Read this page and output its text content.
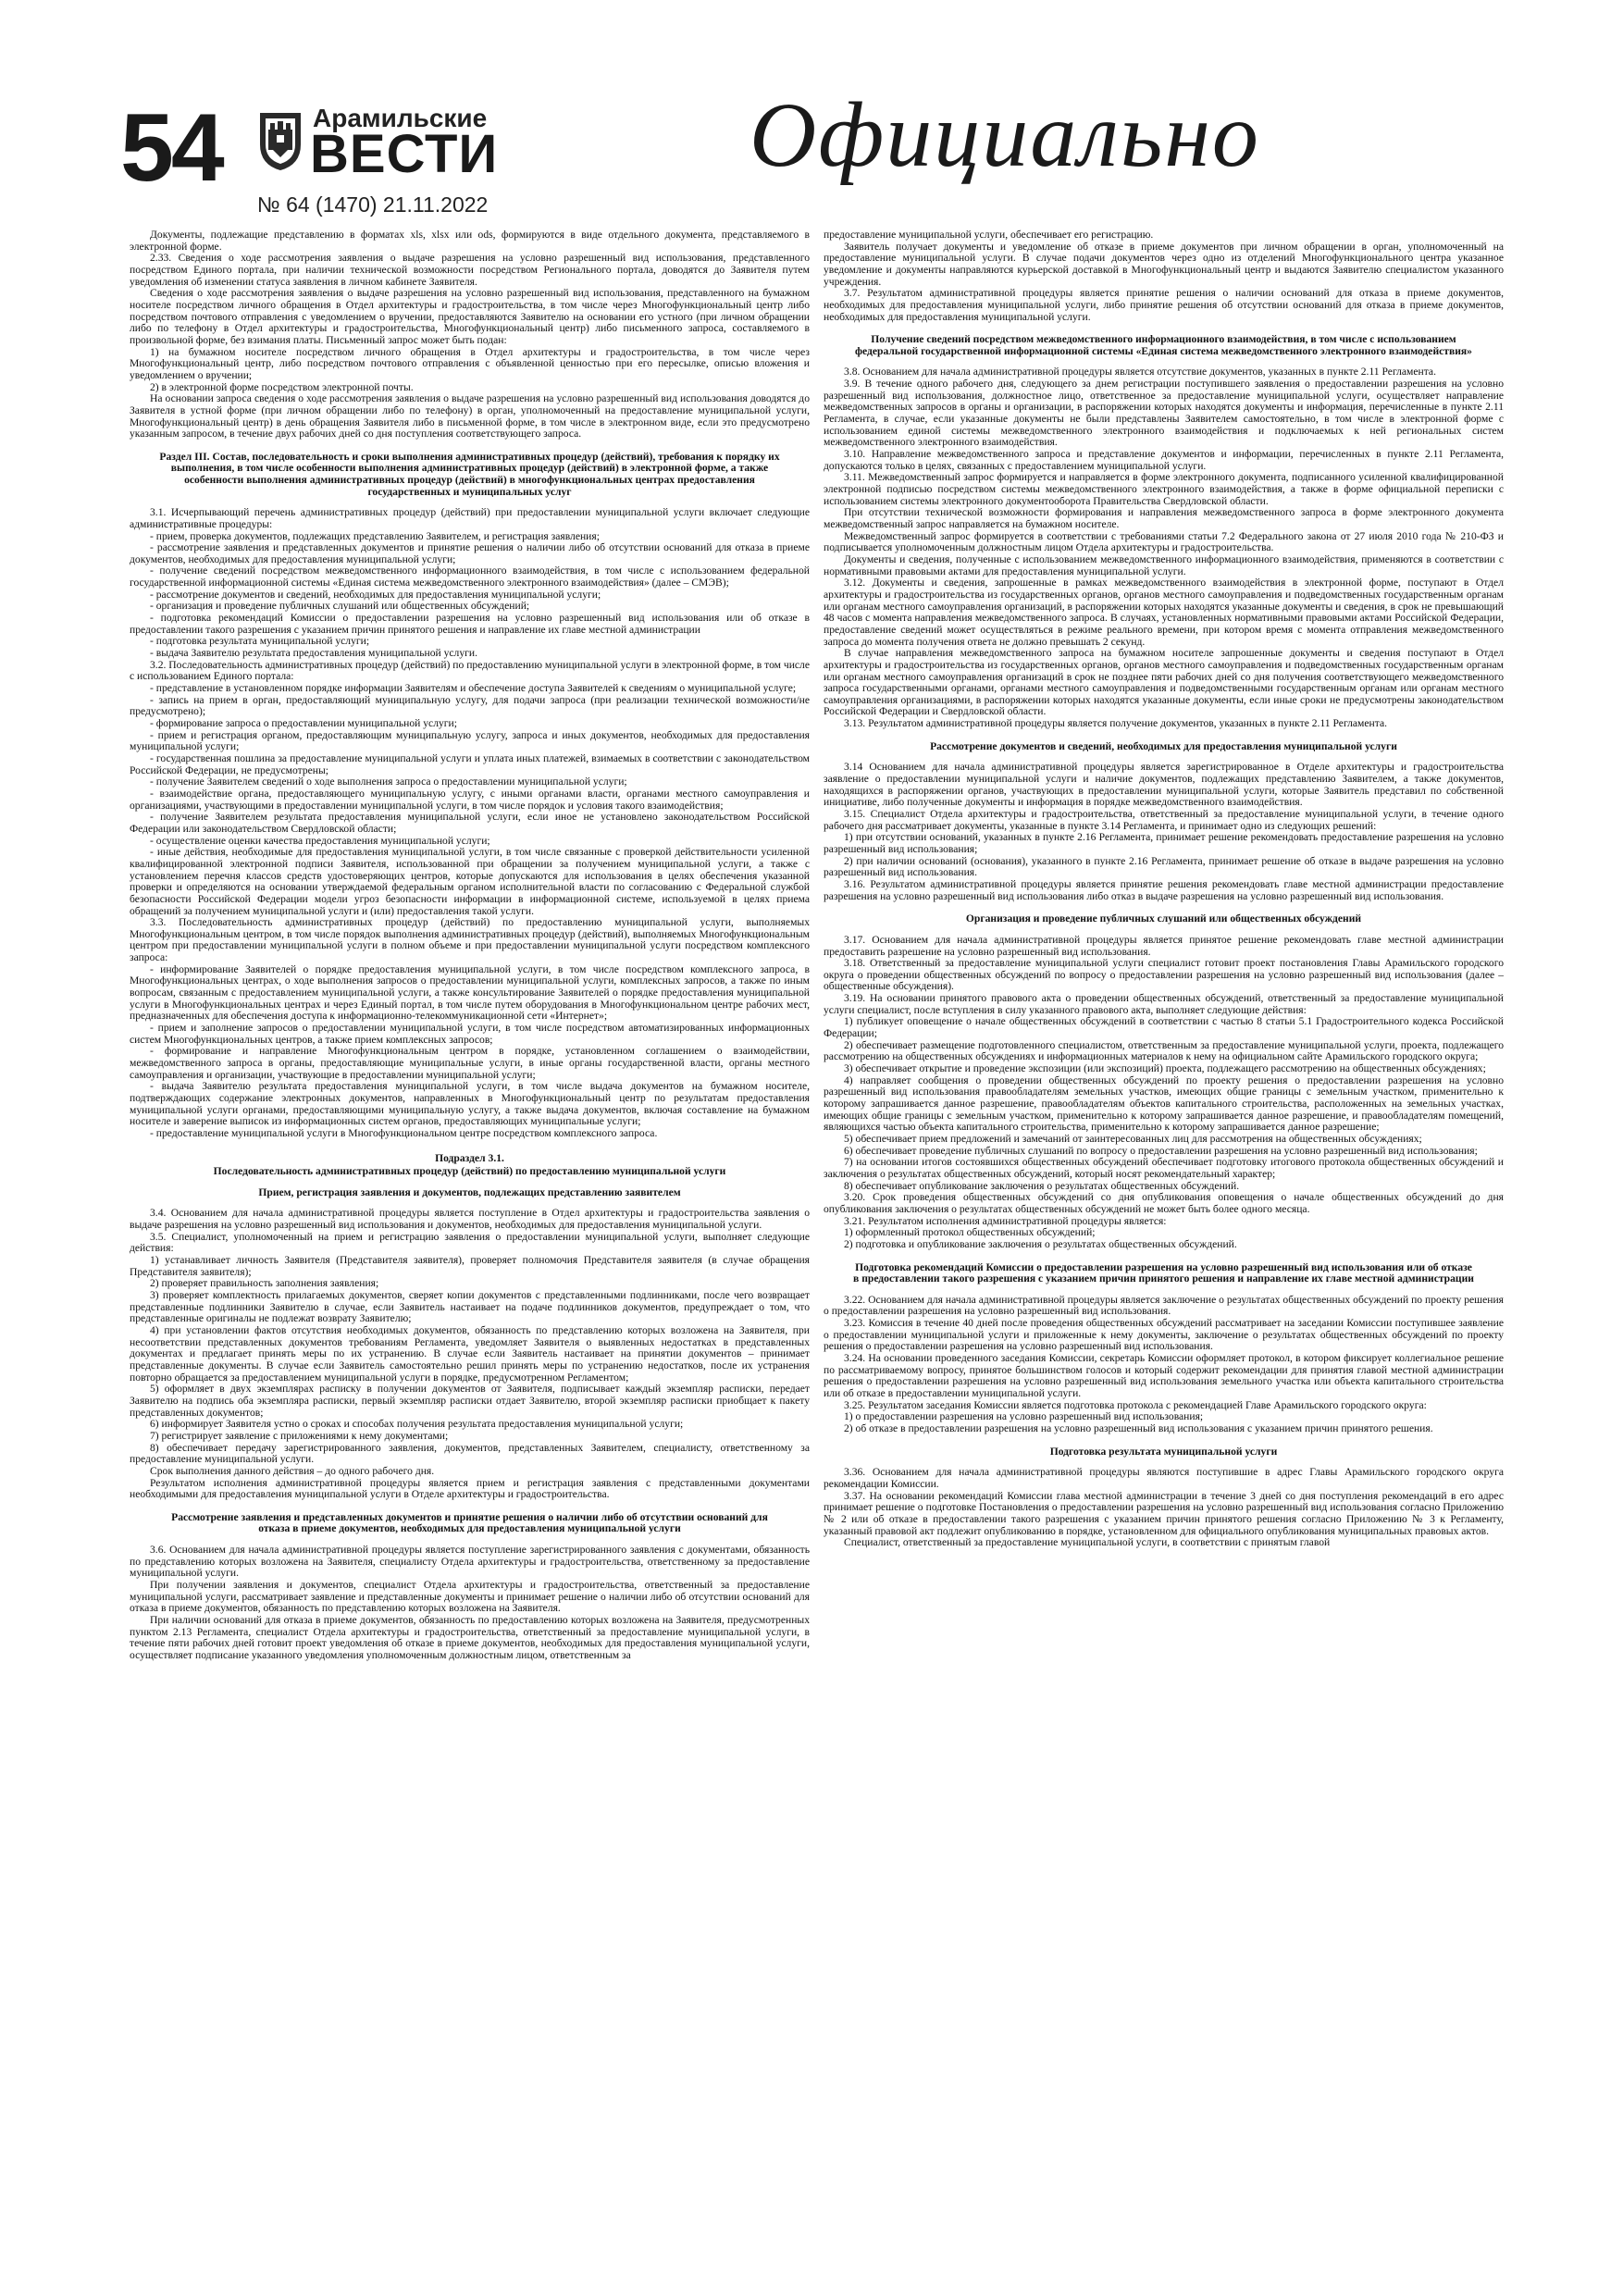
54	Арамильские
ВЕСТИ
№ 64 (1470) 21.11.2022
Официально

Документы, подлежащие представлению в форматах xls, xlsx или ods, формируются в виде отдельного документа, представляемого в электронной форме.

2.33. Сведения о ходе рассмотрения заявления о выдаче разрешения на условно разрешенный вид использования, представленного посредством Единого портала, при наличии технической возможности посредством Регионального портала, доводятся до Заявителя путем уведомления об изменении статуса заявления в личном кабинете Заявителя.

Сведения о ходе рассмотрения заявления о выдаче разрешения на условно разрешенный вид использования, представленного на бумажном носителе посредством личного обращения в Отдел архитектуры и градостроительства, в том числе через Многофункциональный центр либо посредством почтового отправления с уведомлением о вручении, предоставляются Заявителю на основании его устного (при личном обращении либо по телефону в Отдел архитектуры и градостроительства, Многофункциональный центр) либо письменного запроса, составляемого в произвольной форме, без взимания платы. Письменный запрос может быть подан:

1) на бумажном носителе посредством личного обращения в Отдел архитектуры и градостроительства, в том числе через Многофункциональный центр, либо посредством почтового отправления с объявленной ценностью при его пересылке, описью вложения и уведомлением о вручении;

2) в электронной форме посредством электронной почты.

На основании запроса сведения о ходе рассмотрения заявления о выдаче разрешения на условно разрешенный вид использования доводятся до Заявителя в устной форме (при личном обращении либо по телефону) в орган, уполномоченный на предоставление муниципальной услуги, Многофункциональный центр) в день обращения Заявителя либо в письменной форме, в том числе в электронном виде, если это предусмотрено указанным запросом, в течение двух рабочих дней со дня поступления соответствующего запроса.

Раздел III. Состав, последовательность и сроки выполнения административных процедур (действий), требования к порядку их выполнения, в том числе особенности выполнения административных процедур (действий) в электронной форме, а также особенности выполнения административных процедур (действий) в многофункциональных центрах предоставления государственных и муниципальных услуг

3.1. Исчерпывающий перечень административных процедур (действий) при предоставлении муниципальной услуги включает следующие административные процедуры:

- прием, проверка документов, подлежащих представлению Заявителем, и регистрация заявления;

- рассмотрение заявления и представленных документов и принятие решения о наличии либо об отсутствии оснований для отказа в приеме документов, необходимых для предоставления муниципальной услуги;

- получение сведений посредством межведомственного информационного взаимодействия, в том числе с использованием федеральной государственной информационной системы «Единая система межведомственного электронного взаимодействия» (далее – СМЭВ);

- рассмотрение документов и сведений, необходимых для предоставления муниципальной услуги;

- организация и проведение публичных слушаний или общественных обсуждений;

- подготовка рекомендаций Комиссии о предоставлении разрешения на условно разрешенный вид использования или об отказе в предоставлении такого разрешения с указанием причин принятого решения и направление их главе местной администрации

- подготовка результата муниципальной услуги;

- выдача Заявителю результата предоставления муниципальной услуги.

3.2. Последовательность административных процедур (действий) по предоставлению муниципальной услуги в электронной форме, в том числе с использованием Единого портала:

- представление в установленном порядке информации Заявителям и обеспечение доступа Заявителей к сведениям о муниципальной услуге;

- запись на прием в орган, предоставляющий муниципальную услугу, для подачи запроса (при реализации технической возможности/не предусмотрено);

- формирование запроса о предоставлении муниципальной услуги;

- прием и регистрация органом, предоставляющим муниципальную услугу, запроса и иных документов, необходимых для предоставления муниципальной услуги;

- государственная пошлина за предоставление муниципальной услуги и уплата иных платежей, взимаемых в соответствии с законодательством Российской Федерации, не предусмотрены;

- получение Заявителем сведений о ходе выполнения запроса о предоставлении муниципальной услуги;

- взаимодействие органа, предоставляющего муниципальную услугу, с иными органами власти, органами местного самоуправления и организациями, участвующими в предоставлении муниципальной услуги, в том числе порядок и условия такого взаимодействия;

- получение Заявителем результата предоставления муниципальной услуги, если иное не установлено законодательством Российской Федерации или законодательством Свердловской области;

- осуществление оценки качества предоставления муниципальной услуги;

- иные действия, необходимые для предоставления муниципальной услуги, в том числе связанные с проверкой действительности усиленной квалифицированной электронной подписи Заявителя, использованной при обращении за получением муниципальной услуги, а также с установлением перечня классов средств удостоверяющих центров, которые допускаются для использования в целях обеспечения указанной проверки и определяются на основании утверждаемой федеральным органом исполнительной власти по согласованию с Федеральной службой безопасности Российской Федерации модели угроз безопасности информации в информационной системе, используемой в целях приема обращений за получением муниципальной услуги и (или) предоставления такой услуги.

3.3. Последовательность административных процедур (действий) по предоставлению муниципальной услуги, выполняемых Многофункциональным центром, в том числе порядок выполнения административных процедур (действий), выполняемых Многофункциональным центром при предоставлении муниципальной услуги в полном объеме и при предоставлении муниципальной услуги посредством комплексного запроса:

- информирование Заявителей о порядке предоставления муниципальной услуги, в том числе посредством комплексного запроса, в Многофункциональных центрах, о ходе выполнения запросов о предоставлении муниципальной услуги, комплексных запросов, а также по иным вопросам, связанным с предоставлением муниципальной услуги, а также консультирование Заявителей о порядке предоставления муниципальной услуги в Многофункциональных центрах и через Единый портал, в том числе путем оборудования в Многофункциональном центре рабочих мест, предназначенных для обеспечения доступа к информационно-телекоммуникационной сети «Интернет»;

- прием и заполнение запросов о предоставлении муниципальной услуги, в том числе посредством автоматизированных информационных систем Многофункциональных центров, а также прием комплексных запросов;

- формирование и направление Многофункциональным центром в порядке, установленном соглашением о взаимодействии, межведомственного запроса в органы, предоставляющие муниципальные услуги, в иные органы государственной власти, органы местного самоуправления и организации, участвующие в предоставлении муниципальной услуги;

- выдача Заявителю результата предоставления муниципальной услуги, в том числе выдача документов на бумажном носителе, подтверждающих содержание электронных документов, направленных в Многофункциональный центр по результатам предоставления муниципальной услуги органами, предоставляющими муниципальную услугу, а также выдача документов, включая составление на бумажном носителе и заверение выписок из информационных систем органов, предоставляющих муниципальные услуги;

- предоставление муниципальной услуги в Многофункциональном центре посредством комплексного запроса.

Подраздел 3.1.
Последовательность административных процедур (действий) по предоставлению муниципальной услуги
Прием, регистрация заявления и документов, подлежащих представлению заявителем

3.4. Основанием для начала административной процедуры является поступление в Отдел архитектуры и градостроительства заявления о выдаче разрешения на условно разрешенный вид использования и документов, необходимых для предоставления муниципальной услуги.

3.5. Специалист, уполномоченный на прием и регистрацию заявления о предоставлении муниципальной услуги, выполняет следующие действия:

1) устанавливает личность Заявителя (Представителя заявителя), проверяет полномочия Представителя заявителя (в случае обращения Представителя заявителя);

2) проверяет правильность заполнения заявления;

3) проверяет комплектность прилагаемых документов, сверяет копии документов с представленными подлинниками, после чего возвращает представленные подлинники Заявителю в случае, если Заявитель настаивает на подаче подлинников документов, предупреждает о том, что представленные оригиналы не подлежат возврату Заявителю;

4) при установлении фактов отсутствия необходимых документов, обязанность по представлению которых возложена на Заявителя, при несоответствии представленных документов требованиям Регламента, уведомляет Заявителя о выявленных недостатках в представленных документах и предлагает принять меры по их устранению. В случае если Заявитель настаивает на принятии документов – принимает представленные документы. В случае если Заявитель самостоятельно решил принять меры по устранению недостатков, после их устранения повторно обращается за предоставлением муниципальной услуги в порядке, предусмотренном Регламентом;

5) оформляет в двух экземплярах расписку в получении документов от Заявителя, подписывает каждый экземпляр расписки, передает Заявителю на подпись оба экземпляра расписки, первый экземпляр расписки отдает Заявителю, второй экземпляр расписки приобщает к пакету представленных документов;

6) информирует Заявителя устно о сроках и способах получения результата предоставления муниципальной услуги;

7) регистрирует заявление с приложениями к нему документами;

8) обеспечивает передачу зарегистрированного заявления, документов, представленных Заявителем, специалисту, ответственному за предоставление муниципальной услуги.

Срок выполнения данного действия – до одного рабочего дня.

Результатом исполнения административной процедуры является прием и регистрация заявления с представленными документами необходимыми для предоставления муниципальной услуги в Отделе архитектуры и градостроительства.

Рассмотрение заявления и представленных документов и принятие решения о наличии либо об отсутствии оснований для отказа в приеме документов, необходимых для предоставления муниципальной услуги

3.6. Основанием для начала административной процедуры является поступление зарегистрированного заявления с документами, обязанность по представлению которых возложена на Заявителя, специалисту Отдела архитектуры и градостроительства, ответственному за предоставление муниципальной услуги.

При получении заявления и документов, специалист Отдела архитектуры и градостроительства, ответственный за предоставление муниципальной услуги, рассматривает заявление и представленные документы и принимает решение о наличии либо об отсутствии оснований для отказа в приеме документов, обязанность по представлению которых возложена на Заявителя.

При наличии оснований для отказа в приеме документов, обязанность по предоставлению которых возложена на Заявителя, предусмотренных пунктом 2.13 Регламента, специалист Отдела архитектуры и градостроительства, ответственный за предоставление муниципальной услуги, в течение пяти рабочих дней готовит проект уведомления об отказе в приеме документов, необходимых для предоставления муниципальной услуги, осуществляет подписание указанного уведомления уполномоченным должностным лицом, ответственным за

предоставление муниципальной услуги, обеспечивает его регистрацию.

Заявитель получает документы и уведомление об отказе в приеме документов при личном обращении в орган, уполномоченный на предоставление муниципальной услуги. В случае подачи документов через одно из отделений Многофункционального центра указанное уведомление и документы направляются курьерской доставкой в Многофункциональный центр и выдаются Заявителю специалистом указанного учреждения.

3.7. Результатом административной процедуры является принятие решения о наличии оснований для отказа в приеме документов, необходимых для предоставления муниципальной услуги, либо принятие решения об отсутствии оснований для отказа в приеме документов, необходимых для предоставления муниципальной услуги.

Получение сведений посредством межведомственного информационного взаимодействия, в том числе с использованием федеральной государственной информационной системы «Единая система межведомственного электронного взаимодействия»

3.8. Основанием для начала административной процедуры является отсутствие документов, указанных в пункте 2.11 Регламента.

3.9. В течение одного рабочего дня, следующего за днем регистрации поступившего заявления о предоставлении разрешения на условно разрешенный вид использования, должностное лицо, ответственное за предоставление муниципальной услуги, осуществляет направление межведомственных запросов в органы и организации, в распоряжении которых находятся документы и информация, перечисленные в пункте 2.11 Регламента, в случае, если указанные документы не были представлены Заявителем самостоятельно, в том числе в электронной форме с использованием единой системы межведомственного электронного взаимодействия и подключаемых к ней региональных систем межведомственного электронного взаимодействия.

3.10. Направление межведомственного запроса и представление документов и информации, перечисленных в пункте 2.11 Регламента, допускаются только в целях, связанных с предоставлением муниципальной услуги.

3.11. Межведомственный запрос формируется и направляется в форме электронного документа, подписанного усиленной квалифицированной электронной подписью посредством системы межведомственного электронного взаимодействия, а также в форме официальной переписки с использованием системы электронного документооборота Правительства Свердловской области.

При отсутствии технической возможности формирования и направления межведомственного запроса в форме электронного документа межведомственный запрос направляется на бумажном носителе.

Межведомственный запрос формируется в соответствии с требованиями статьи 7.2 Федерального закона от 27 июля 2010 года № 210-ФЗ и подписывается уполномоченным должностным лицом Отдела архитектуры и градостроительства.

Документы и сведения, полученные с использованием межведомственного информационного взаимодействия, применяются в соответствии с нормативными правовыми актами для предоставления муниципальной услуги.

3.12. Документы и сведения, запрошенные в рамках межведомственного взаимодействия в электронной форме, поступают в Отдел архитектуры и градостроительства из государственных органов, органов местного самоуправления и подведомственных государственным органам или органам местного самоуправления организаций, в распоряжении которых находятся указанные документы и сведения, в срок не превышающий 48 часов с момента направления межведомственного запроса. В случаях, установленных нормативными правовыми актами Российской Федерации, предоставление сведений может осуществляться в режиме реального времени, при котором время с момента отправления межведомственного запроса до момента получения ответа не должно превышать 2 секунд.

В случае направления межведомственного запроса на бумажном носителе запрошенные документы и сведения поступают в Отдел архитектуры и градостроительства из государственных органов, органов местного самоуправления и подведомственных государственным органам или органам местного самоуправления организаций в срок не позднее пяти рабочих дней со дня получения соответствующего межведомственного запроса государственными органами, органами местного самоуправления и подведомственными государственным органам или органам местного самоуправления организациями, в распоряжении которых находятся указанные документы, если иные сроки не предусмотрены законодательством Российской Федерации и Свердловской области.

3.13. Результатом административной процедуры является получение документов, указанных в пункте 2.11 Регламента.

Рассмотрение документов и сведений, необходимых для предоставления муниципальной услуги

3.14 Основанием для начала административной процедуры является зарегистрированное в Отделе архитектуры и градостроительства заявление о предоставлении муниципальной услуги и наличие документов, подлежащих представлению Заявителем, а также документов, находящихся в распоряжении органов, участвующих в предоставлении муниципальной услуги, которые Заявитель представил по собственной инициативе, либо полученные документы и информация в порядке межведомственного взаимодействия.

3.15. Специалист Отдела архитектуры и градостроительства, ответственный за предоставление муниципальной услуги, в течение одного рабочего дня рассматривает документы, указанные в пункте 3.14 Регламента, и принимает одно из следующих решений:

1) при отсутствии оснований, указанных в пункте 2.16 Регламента, принимает решение рекомендовать предоставление разрешения на условно разрешенный вид использования;

2) при наличии оснований (основания), указанного в пункте 2.16 Регламента, принимает решение об отказе в выдаче разрешения на условно разрешенный вид использования.

3.16. Результатом административной процедуры является принятие решения рекомендовать главе местной администрации предоставление разрешения на условно разрешенный вид использования либо отказ в выдаче разрешения на условно разрешенный вид использования.

Организация и проведение публичных слушаний или общественных обсуждений

3.17. Основанием для начала административной процедуры является принятое решение рекомендовать главе местной администрации предоставить разрешение на условно разрешенный вид использования.

3.18. Ответственный за предоставление муниципальной услуги специалист готовит проект постановления Главы Арамильского городского округа о проведении общественных обсуждений по вопросу о предоставлении разрешения на условно разрешенный вид использования (далее – общественные обсуждения).

3.19. На основании принятого правового акта о проведении общественных обсуждений, ответственный за предоставление муниципальной услуги специалист, после вступления в силу указанного правового акта, выполняет следующие действия:

1) публикует оповещение о начале общественных обсуждений в соответствии с частью 8 статьи 5.1 Градостроительного кодекса Российской Федерации;

2) обеспечивает размещение подготовленного специалистом, ответственным за предоставление муниципальной услуги, проекта, подлежащего рассмотрению на общественных обсуждениях и информационных материалов к нему на официальном сайте Арамильского городского округа;

3) обеспечивает открытие и проведение экспозиции (или экспозиций) проекта, подлежащего рассмотрению на общественных обсуждениях;

4) направляет сообщения о проведении общественных обсуждений по проекту решения о предоставлении разрешения на условно разрешенный вид использования правообладателям земельных участков, имеющих общие границы с земельным участком, применительно к которому запрашивается данное разрешение, правообладателям объектов капитального строительства, расположенных на земельных участках, имеющих общие границы с земельным участком, применительно к которому запрашивается данное разрешение, и правообладателям помещений, являющихся частью объекта капитального строительства, применительно к которому запрашивается данное разрешение;

5) обеспечивает прием предложений и замечаний от заинтересованных лиц для рассмотрения на общественных обсуждениях;

6) обеспечивает проведение публичных слушаний по вопросу о предоставлении разрешения на условно разрешенный вид использования;

7) на основании итогов состоявшихся общественных обсуждений обеспечивает подготовку итогового протокола общественных обсуждений и заключения о результатах общественных обсуждений, который носят рекомендательный характер;

8) обеспечивает опубликование заключения о результатах общественных обсуждений.

3.20. Срок проведения общественных обсуждений со дня опубликования оповещения о начале общественных обсуждений до дня опубликования заключения о результатах общественных обсуждений не может быть более одного месяца.

3.21. Результатом исполнения административной процедуры является:

1) оформленный протокол общественных обсуждений;

2) подготовка и опубликование заключения о результатах общественных обсуждений.

Подготовка рекомендаций Комиссии о предоставлении разрешения на условно разрешенный вид использования или об отказе в предоставлении такого разрешения с указанием причин принятого решения и направление их главе местной администрации

3.22. Основанием для начала административной процедуры является заключение о результатах общественных обсуждений по проекту решения о предоставлении разрешения на условно разрешенный вид использования.

3.23. Комиссия в течение 40 дней после проведения общественных обсуждений рассматривает на заседании Комиссии поступившее заявление о предоставлении муниципальной услуги и приложенные к нему документы, заключение о результатах общественных обсуждений по проекту решения о предоставлении разрешения на условно разрешенный вид использования.

3.24. На основании проведенного заседания Комиссии, секретарь Комиссии оформляет протокол, в котором фиксирует коллегиальное решение по рассматриваемому вопросу, принятое большинством голосов и который содержит рекомендации для принятия главой местной администрации решения о предоставлении разрешения на условно разрешенный вид использования земельного участка или объекта капитального строительства или об отказе в предоставлении муниципальной услуги.

3.25. Результатом заседания Комиссии является подготовка протокола с рекомендацией Главе Арамильского городского округа:

1) о предоставлении разрешения на условно разрешенный вид использования;

2) об отказе в предоставлении разрешения на условно разрешенный вид использования с указанием причин принятого решения.

Подготовка результата муниципальной услуги

3.36. Основанием для начала административной процедуры являются поступившие в адрес Главы Арамильского городского округа рекомендации Комиссии.

3.37. На основании рекомендаций Комиссии глава местной администрации в течение 3 дней со дня поступления рекомендаций в его адрес принимает решение о подготовке Постановления о предоставлении разрешения на условно разрешенный вид использования согласно Приложению № 2 или об отказе в предоставлении такого разрешения с указанием причин принятого решения согласно Приложению № 3 к Регламенту, указанный правовой акт подлежит опубликованию в порядке, установленном для официального опубликования муниципальных правовых актов.

Специалист, ответственный за предоставление муниципальной услуги, в соответствии с принятым главой
